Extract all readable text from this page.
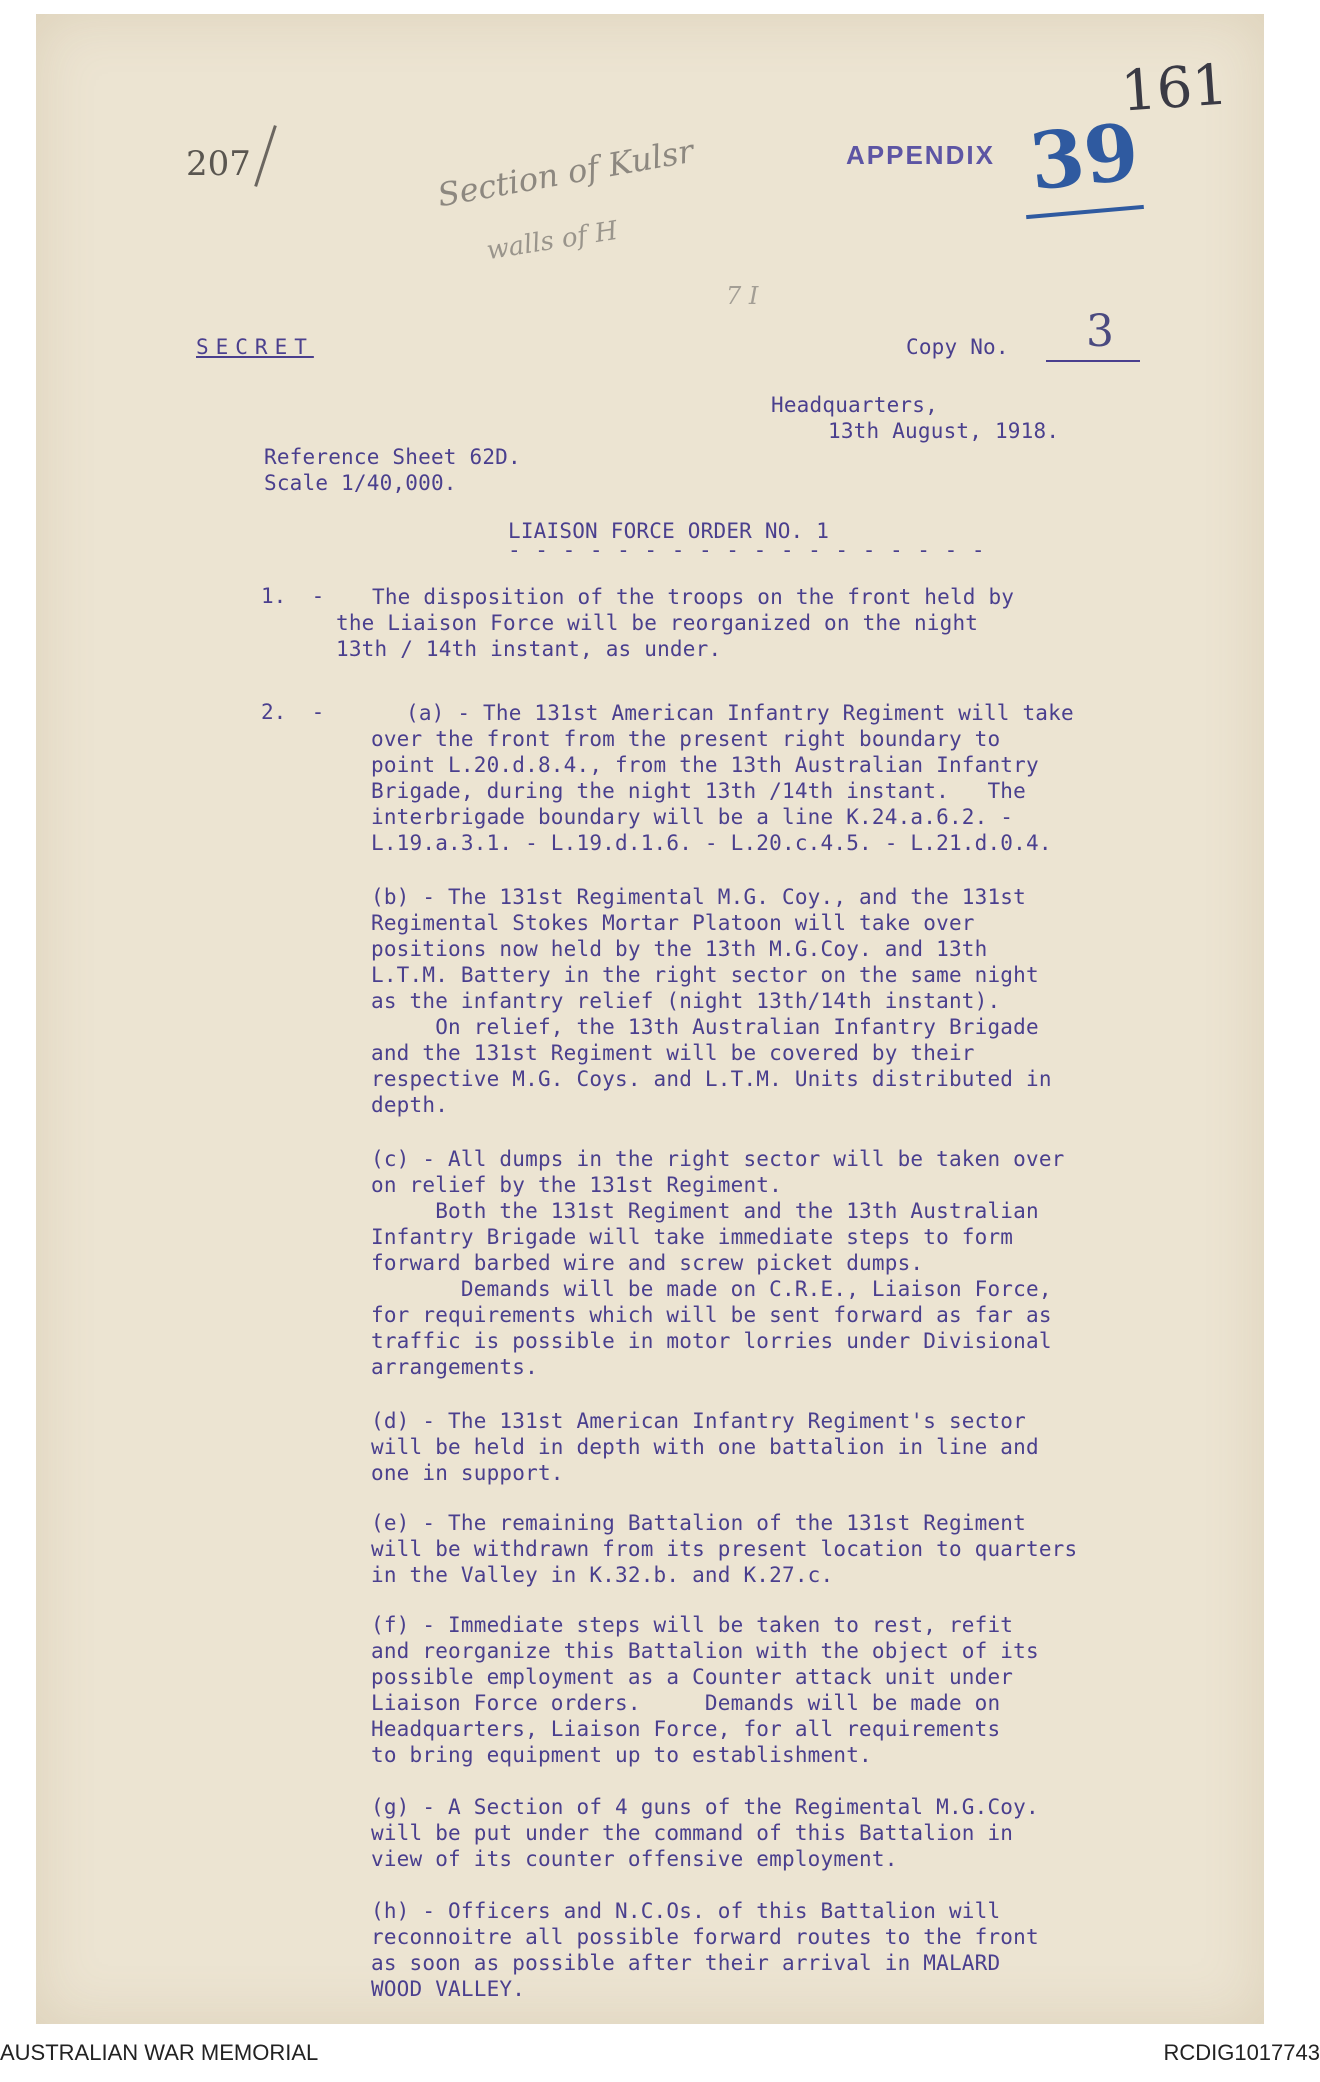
161
207	Section of Kulsr
walls of H
7 I
APPENDIX 39
SECRET	Copy No. 3
Headquarters,
13th August, 1918.
Reference Sheet 62D.
Scale 1/40,000.
LIAISON FORCE ORDER NO. 1
- - - - - - - - - - - - - - - - - -
1.  - The disposition of the troops on the front held by
the Liaison Force will be reorganized on the night
13th / 14th instant, as under.
2.  -	(a) - The 131st American Infantry Regiment will take
over the front from the present right boundary to
point L.20.d.8.4., from the 13th Australian Infantry
Brigade, during the night 13th /14th instant.   The
interbrigade boundary will be a line K.24.a.6.2. -
L.19.a.3.1. - L.19.d.1.6. - L.20.c.4.5. - L.21.d.0.4.
(b) - The 131st Regimental M.G. Coy., and the 131st
Regimental Stokes Mortar Platoon will take over
positions now held by the 13th M.G.Coy. and 13th
L.T.M. Battery in the right sector on the same night
as the infantry relief (night 13th/14th instant).
On relief, the 13th Australian Infantry Brigade
and the 131st Regiment will be covered by their
respective M.G. Coys. and L.T.M. Units distributed in
depth.
(c) - All dumps in the right sector will be taken over
on relief by the 131st Regiment.
Both the 131st Regiment and the 13th Australian
Infantry Brigade will take immediate steps to form
forward barbed wire and screw picket dumps.
Demands will be made on C.R.E., Liaison Force,
for requirements which will be sent forward as far as
traffic is possible in motor lorries under Divisional
arrangements.
(d) - The 131st American Infantry Regiment's sector
will be held in depth with one battalion in line and
one in support.
(e) - The remaining Battalion of the 131st Regiment
will be withdrawn from its present location to quarters
in the Valley in K.32.b. and K.27.c.
(f) - Immediate steps will be taken to rest, refit
and reorganize this Battalion with the object of its
possible employment as a Counter attack unit under
Liaison Force orders.     Demands will be made on
Headquarters, Liaison Force, for all requirements
to bring equipment up to establishment.
(g) - A Section of 4 guns of the Regimental M.G.Coy.
will be put under the command of this Battalion in
view of its counter offensive employment.
(h) - Officers and N.C.Os. of this Battalion will
reconnoitre all possible forward routes to the front
as soon as possible after their arrival in MALARD
WOOD VALLEY.
AUSTRALIAN WAR MEMORIAL	RCDIG1017743
